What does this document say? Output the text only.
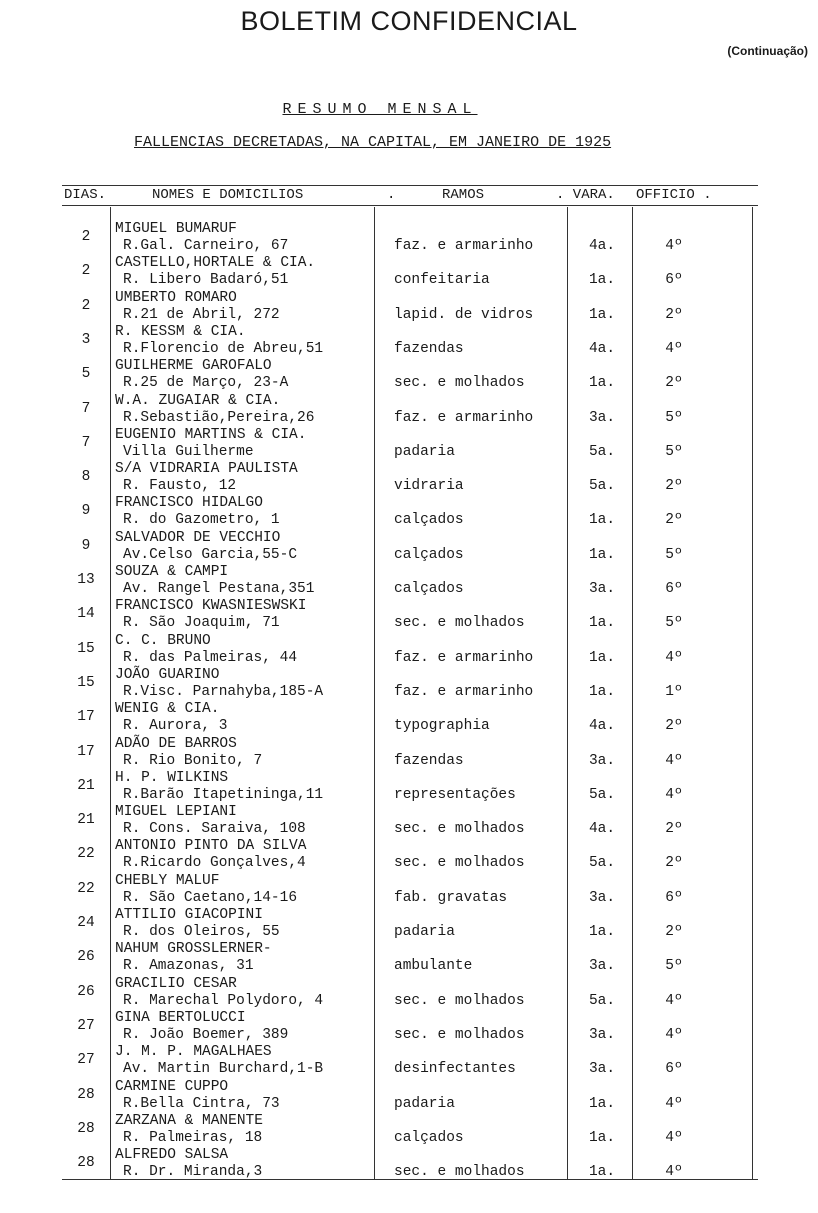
BOLETIM CONFIDENCIAL
(Continuação)
RESUMO MENSAL
FALLENCIAS DECRETADAS, NA CAPITAL, EM JANEIRO DE 1925
DIAS.	NOMES E DOMICILIOS	.	RAMOS	. VARA. OFFICIO .
2	MIGUEL BUMARUF
R.Gal. Carneiro, 67	faz. e armarinho	4a.	4º
2	CASTELLO,HORTALE & CIA.
R. Libero Badaró,51	confeitaria	1a.	6º
2	UMBERTO ROMARO
R.21 de Abril, 272	lapid. de vidros	1a.	2º
3	R. KESSM & CIA.
R.Florencio de Abreu,51	fazendas	4a.	4º
5	GUILHERME GAROFALO
R.25 de Março, 23-A	sec. e molhados	1a.	2º
7	W.A. ZUGAIAR & CIA.
R.Sebastião,Pereira,26	faz. e armarinho	3a.	5º
7	EUGENIO MARTINS & CIA.
Villa Guilherme	padaria	5a.	5º
8	S/A VIDRARIA PAULISTA
R. Fausto, 12	vidraria	5a.	2º
9	FRANCISCO HIDALGO
R. do Gazometro, 1	calçados	1a.	2º
9	SALVADOR DE VECCHIO
Av.Celso Garcia,55-C	calçados	1a.	5º
13	SOUZA & CAMPI
Av. Rangel Pestana,351	calçados	3a.	6º
14	FRANCISCO KWASNIESWSKI
R. São Joaquim, 71	sec. e molhados	1a.	5º
15	C. C. BRUNO
R. das Palmeiras, 44	faz. e armarinho	1a.	4º
15	JOÃO GUARINO
R.Visc. Parnahyba,185-A	faz. e armarinho	1a.	1º
17	WENIG & CIA.
R. Aurora, 3	typographia	4a.	2º
17	ADÃO DE BARROS
R. Rio Bonito, 7	fazendas	3a.	4º
21	H. P. WILKINS
R.Barão Itapetininga,11	representações	5a.	4º
21	MIGUEL LEPIANI
R. Cons. Saraiva, 108	sec. e molhados	4a.	2º
22	ANTONIO PINTO DA SILVA
R.Ricardo Gonçalves,4	sec. e molhados	5a.	2º
22	CHEBLY MALUF
R. São Caetano,14-16	fab. gravatas	3a.	6º
24	ATTILIO GIACOPINI
R. dos Oleiros, 55	padaria	1a.	2º
26	NAHUM GROSSLERNER-
R. Amazonas, 31	ambulante	3a.	5º
26	GRACILIO CESAR
R. Marechal Polydoro, 4	sec. e molhados	5a.	4º
27	GINA BERTOLUCCI
R. João Boemer, 389	sec. e molhados	3a.	4º
27	J. M. P. MAGALHAES
Av. Martin Burchard,1-B	desinfectantes	3a.	6º
28	CARMINE CUPPO
R.Bella Cintra, 73	padaria	1a.	4º
28	ZARZANA & MANENTE
R. Palmeiras, 18	calçados	1a.	4º
28	ALFREDO SALSA
R. Dr. Miranda,3	sec. e molhados	1a.	4º
